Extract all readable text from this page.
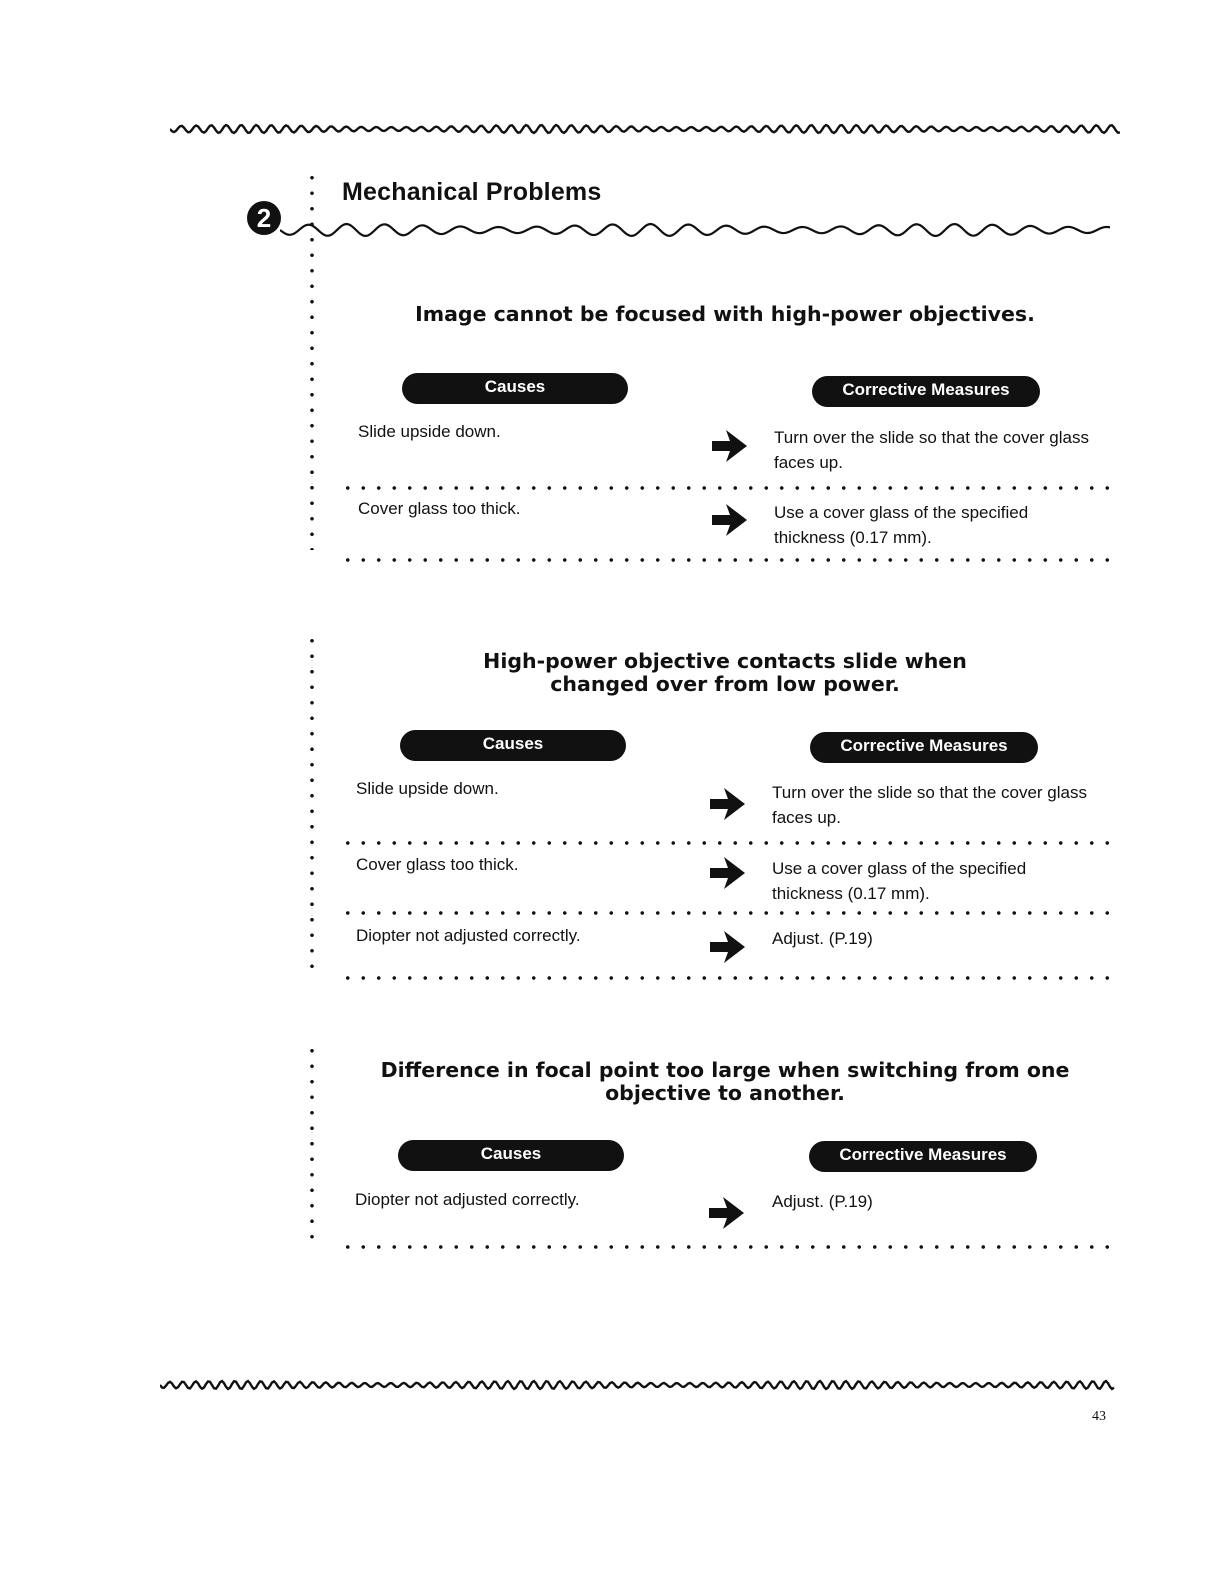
2
Mechanical Problems
Image cannot be focused with high-power objectives.
Causes	Corrective Measures
Slide upside down.	Turn over the slide so that the cover glass
faces up.
Cover glass too thick.	Use a cover glass of the specified
thickness (0.17 mm).
High-power objective contacts slide when
changed over from low power.
Causes	Corrective Measures
Slide upside down.	Turn over the slide so that the cover glass
faces up.
Cover glass too thick.	Use a cover glass of the specified
thickness (0.17 mm).
Diopter not adjusted correctly.	Adjust. (P.19)
Difference in focal point too large when switching from one
objective to another.
Causes	Corrective Measures
Diopter not adjusted correctly.	Adjust. (P.19)
43
